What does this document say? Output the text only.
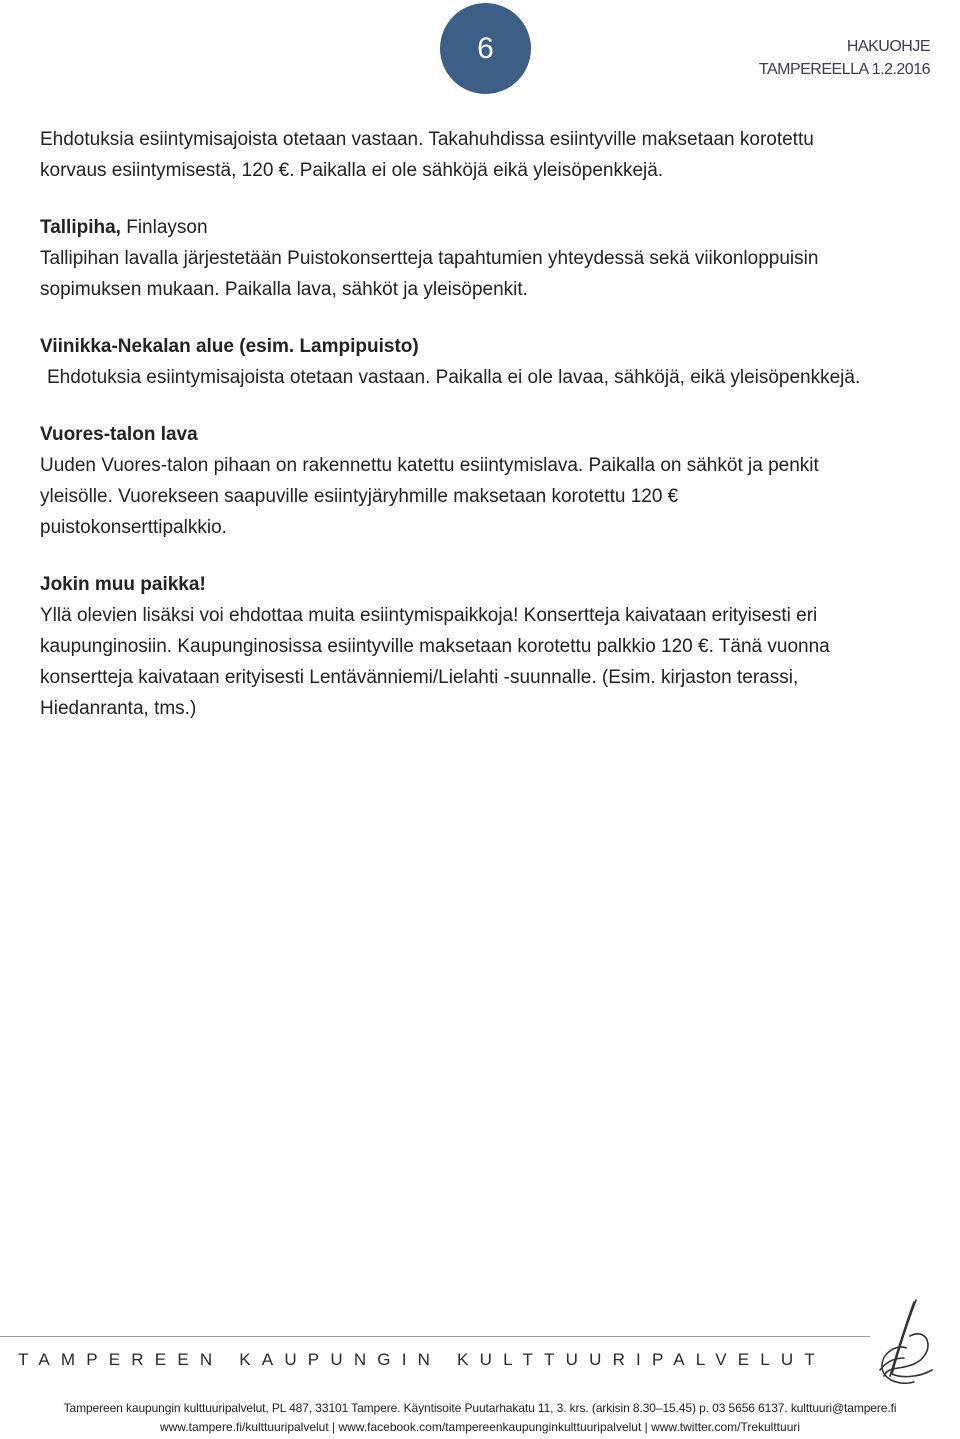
6	HAKUOHJE
TAMPEREELLA 1.2.2016
Ehdotuksia esiintymisajoista otetaan vastaan. Takahuhdissa esiintyville maksetaan korotettu
korvaus esiintymisestä, 120 €. Paikalla ei ole sähköjä eikä yleisöpenkkejä.
Tallipiha, Finlayson
Tallipihan lavalla järjestetään Puistokonsertteja tapahtumien yhteydessä sekä viikonloppuisin
sopimuksen mukaan. Paikalla lava, sähköt ja yleisöpenkit.
Viinikka-Nekalan alue (esim. Lampipuisto)
Ehdotuksia esiintymisajoista otetaan vastaan. Paikalla ei ole lavaa, sähköjä, eikä yleisöpenkkejä.
Vuores-talon lava
Uuden Vuores-talon pihaan on rakennettu katettu esiintymislava. Paikalla on sähköt ja penkit
yleisölle. Vuorekseen saapuville esiintyjäryhmille maksetaan korotettu 120 €
puistokonserttipalkkio.
Jokin muu paikka!
Yllä olevien lisäksi voi ehdottaa muita esiintymispaikkoja! Konsertteja kaivataan erityisesti eri
kaupunginosiin. Kaupunginosissa esiintyville maksetaan korotettu palkkio 120 €. Tänä vuonna
konsertteja kaivataan erityisesti Lentävänniemi/Lielahti -suunnalle. (Esim. kirjaston terassi,
Hiedanranta, tms.)
TAMPEREEN KAUPUNGIN KULTTUURIPALVELUT
Tampereen kaupungin kulttuuripalvelut, PL 487, 33101 Tampere. Käyntisoite Puutarhakatu 11, 3. krs. (arkisin 8.30–15.45) p. 03 5656 6137. kulttuuri@tampere.fi
www.tampere.fi/kulttuuripalvelut | www.facebook.com/tampereenkaupunginkulttuuripalvelut | www.twitter.com/Trekulttuuri
